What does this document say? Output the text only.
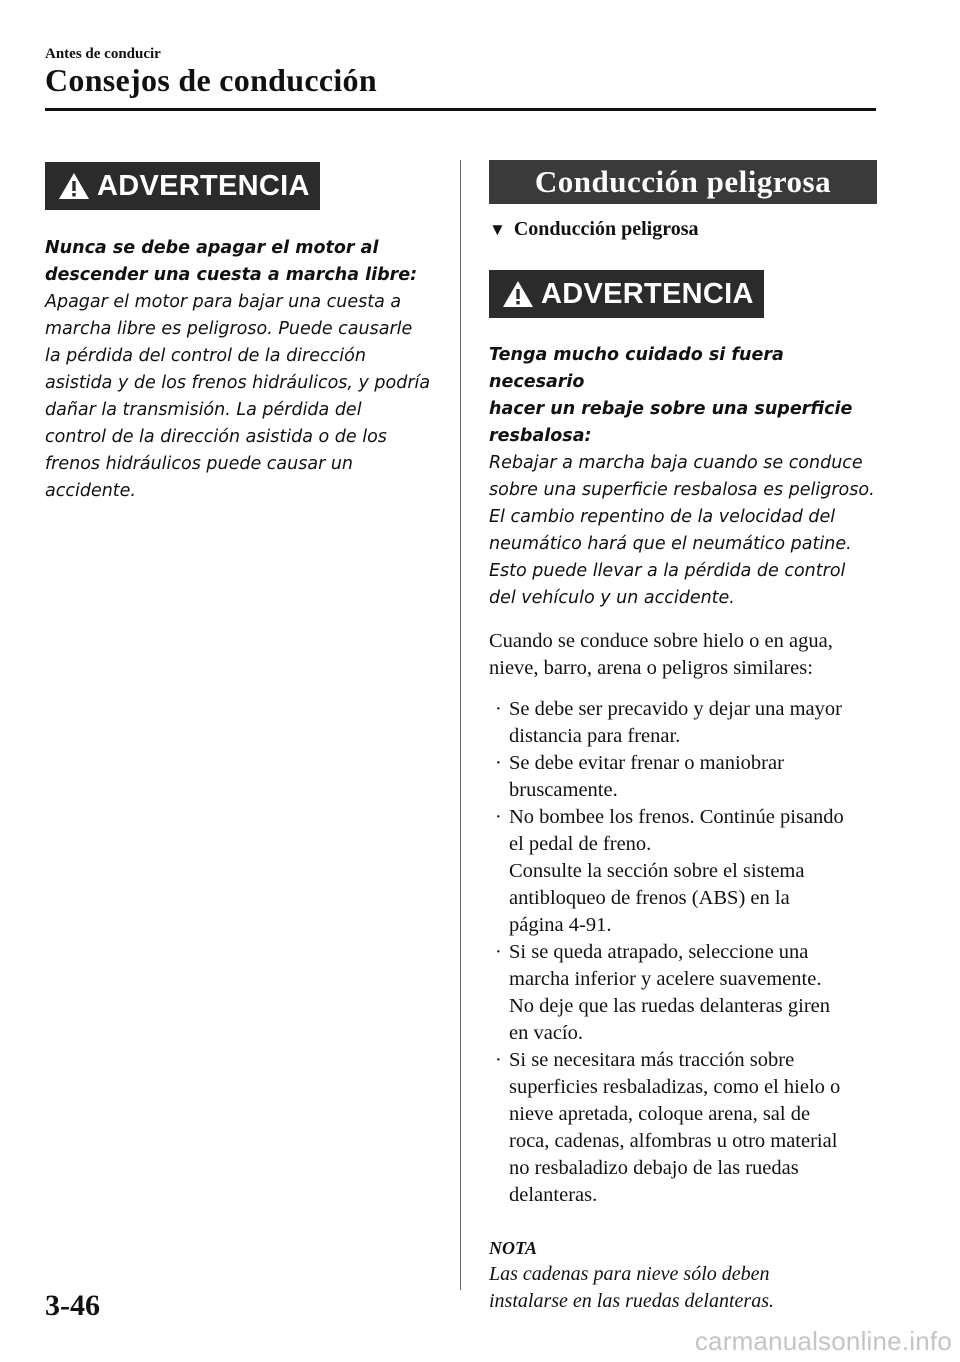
Antes de conducir
Consejos de conducción
ADVERTENCIA
Nunca se debe apagar el motor al
descender una cuesta a marcha libre:
Apagar el motor para bajar una cuesta a
marcha libre es peligroso. Puede causarle
la pérdida del control de la dirección
asistida y de los frenos hidráulicos, y podría
dañar la transmisión. La pérdida del
control de la dirección asistida o de los
frenos hidráulicos puede causar un
accidente.
Conducción peligrosa
▼ Conducción peligrosa
ADVERTENCIA
Tenga mucho cuidado si fuera necesario
hacer un rebaje sobre una superficie
resbalosa:
Rebajar a marcha baja cuando se conduce
sobre una superficie resbalosa es peligroso.
El cambio repentino de la velocidad del
neumático hará que el neumático patine.
Esto puede llevar a la pérdida de control
del vehículo y un accidente.
Cuando se conduce sobre hielo o en agua,
nieve, barro, arena o peligros similares:
· Se debe ser precavido y dejar una mayor
distancia para frenar.
· Se debe evitar frenar o maniobrar
bruscamente.
· No bombee los frenos. Continúe pisando
el pedal de freno.
Consulte la sección sobre el sistema
antibloqueo de frenos (ABS) en la
página 4-91.
· Si se queda atrapado, seleccione una
marcha inferior y acelere suavemente.
No deje que las ruedas delanteras giren
en vacío.
· Si se necesitara más tracción sobre
superficies resbaladizas, como el hielo o
nieve apretada, coloque arena, sal de
roca, cadenas, alfombras u otro material
no resbaladizo debajo de las ruedas
delanteras.
NOTA
Las cadenas para nieve sólo deben
instalarse en las ruedas delanteras.
3-46
carmanualsonline.info
